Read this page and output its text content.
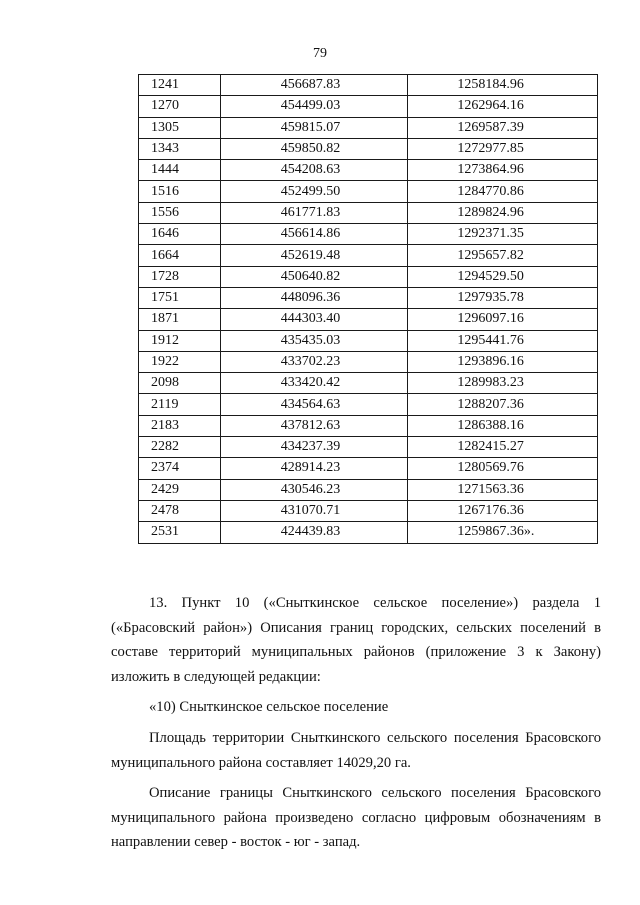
79
1241	456687.83	1258184.96
1270	454499.03	1262964.16
1305	459815.07	1269587.39
1343	459850.82	1272977.85
1444	454208.63	1273864.96
1516	452499.50	1284770.86
1556	461771.83	1289824.96
1646	456614.86	1292371.35
1664	452619.48	1295657.82
1728	450640.82	1294529.50
1751	448096.36	1297935.78
1871	444303.40	1296097.16
1912	435435.03	1295441.76
1922	433702.23	1293896.16
2098	433420.42	1289983.23
2119	434564.63	1288207.36
2183	437812.63	1286388.16
2282	434237.39	1282415.27
2374	428914.23	1280569.76
2429	430546.23	1271563.36
2478	431070.71	1267176.36
2531	424439.83	1259867.36».

13. Пункт 10 («Сныткинское сельское поселение») раздела 1 («Брасовский район») Описания границ городских, сельских поселений в составе территорий муниципальных районов (приложение 3 к Закону) изложить в следующей редакции:

«10) Сныткинское сельское поселение

Площадь территории Сныткинского сельского поселения Брасовского муниципального района составляет 14029,20 га.

Описание границы Сныткинского сельского поселения Брасовского муниципального района произведено согласно цифровым обозначениям в направлении север - восток - юг - запад.
